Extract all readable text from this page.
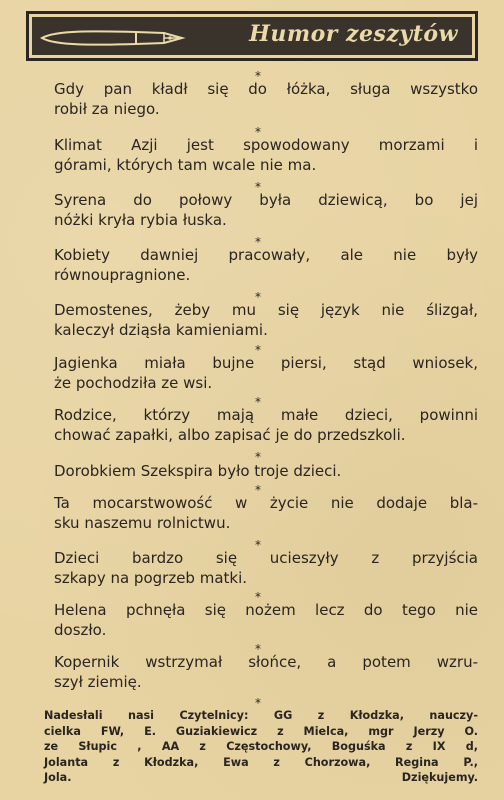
Humor zeszytów
*

Gdy pan kładł się do łóżka, sługa wszystko
robił za niego.

*

Klimat Azji jest spowodowany morzami i
górami, których tam wcale nie ma.

*

Syrena do połowy była dziewicą, bo jej
nóżki kryła rybia łuska.

*

Kobiety dawniej pracowały, ale nie były
równoupragnione.

*

Demostenes, żeby mu się język nie ślizgał,
kaleczył dziąsła kamieniami.

*

Jagienka miała bujne piersi, stąd wniosek,
że pochodziła ze wsi.

*

Rodzice, którzy mają małe dzieci, powinni
chować zapałki, albo zapisać je do przedszkoli.

*

Dorobkiem Szekspira było troje dzieci.

*

Ta mocarstwowość w życie nie dodaje bla-
sku naszemu rolnictwu.

*

Dzieci bardzo się ucieszyły z przyjścia
szkapy na pogrzeb matki.

*

Helena pchnęła się nożem lecz do tego nie
doszło.

*

Kopernik wstrzymał słońce, a potem wzru-
szył ziemię.

*

Nadesłali nasi Czytelnicy: GG z Kłodzka, nauczy-
cielka FW, E. Guziakiewicz z Mielca, mgr Jerzy O.
ze Słupic , AA z Częstochowy, Boguśka z IX d,
Jolanta z Kłodzka, Ewa z Chorzowa, Regina P.,
Jola. Dziękujemy.
